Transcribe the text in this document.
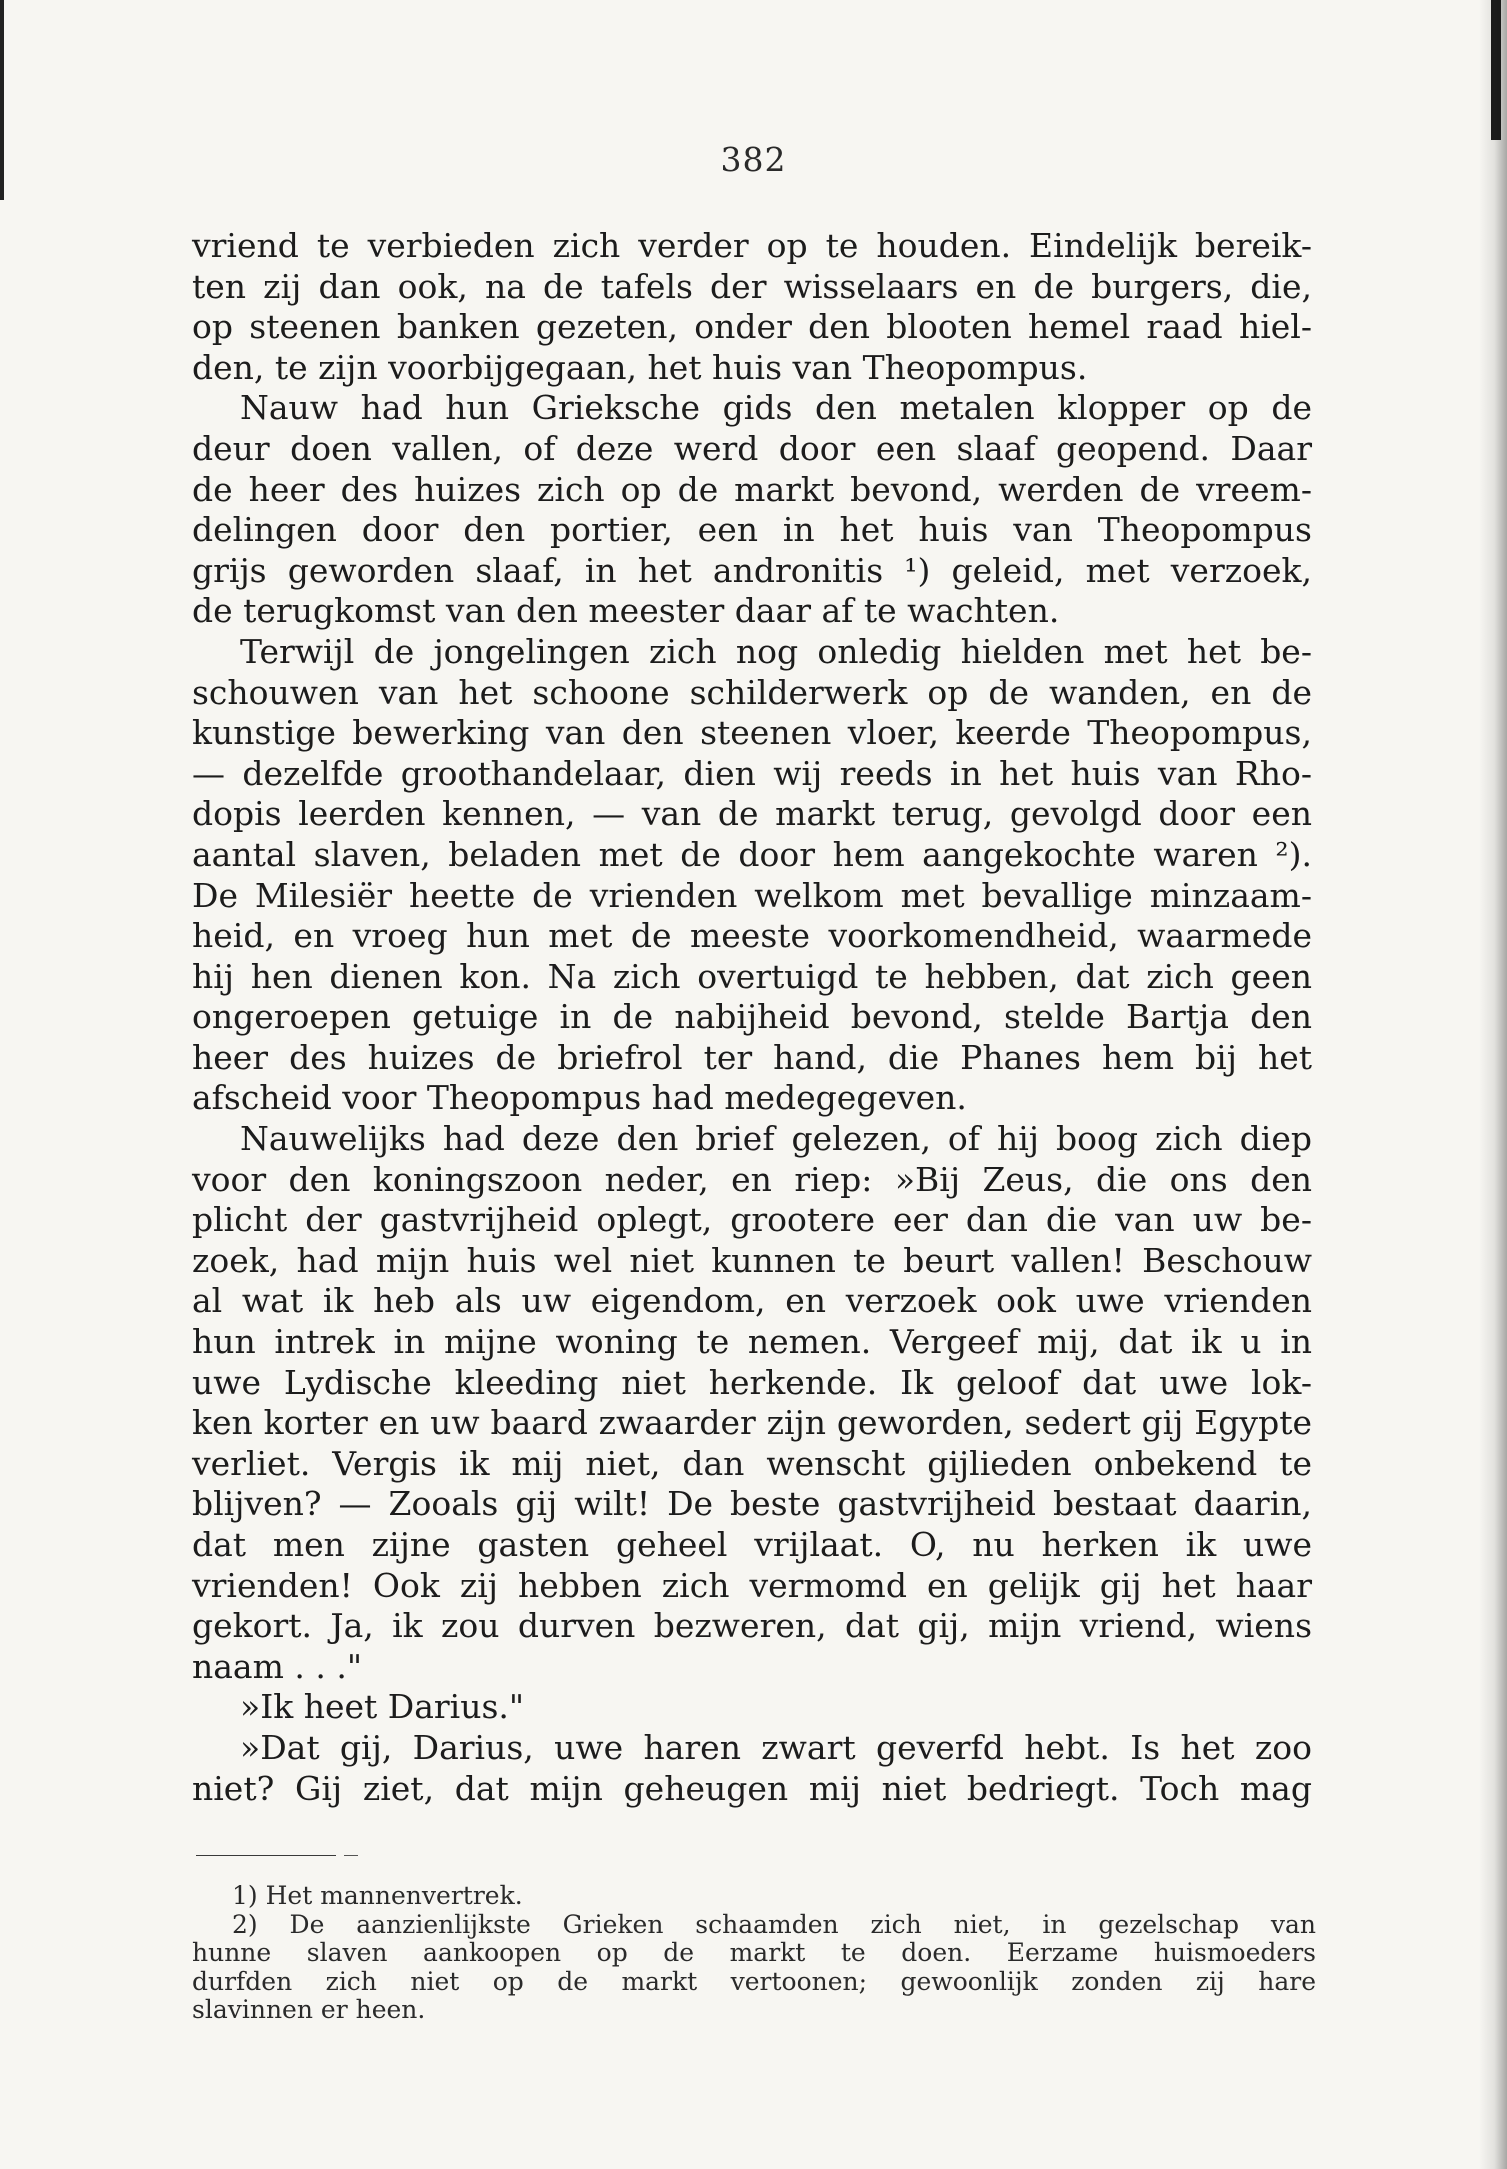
382
vriend te verbieden zich verder op te houden. Eindelijk bereik-
ten zij dan ook, na de tafels der wisselaars en de burgers, die,
op steenen banken gezeten, onder den blooten hemel raad hiel-
den, te zijn voorbijgegaan, het huis van Theopompus.
Nauw had hun Grieksche gids den metalen klopper op de
deur doen vallen, of deze werd door een slaaf geopend. Daar
de heer des huizes zich op de markt bevond, werden de vreem-
delingen door den portier, een in het huis van Theopompus
grijs geworden slaaf, in het andronitis ¹) geleid, met verzoek,
de terugkomst van den meester daar af te wachten.
Terwijl de jongelingen zich nog onledig hielden met het be-
schouwen van het schoone schilderwerk op de wanden, en de
kunstige bewerking van den steenen vloer, keerde Theopompus,
— dezelfde groothandelaar, dien wij reeds in het huis van Rho-
dopis leerden kennen, — van de markt terug, gevolgd door een
aantal slaven, beladen met de door hem aangekochte waren ²).
De Milesiër heette de vrienden welkom met bevallige minzaam-
heid, en vroeg hun met de meeste voorkomendheid, waarmede
hij hen dienen kon. Na zich overtuigd te hebben, dat zich geen
ongeroepen getuige in de nabijheid bevond, stelde Bartja den
heer des huizes de briefrol ter hand, die Phanes hem bij het
afscheid voor Theopompus had medegegeven.
Nauwelijks had deze den brief gelezen, of hij boog zich diep
voor den koningszoon neder, en riep: »Bij Zeus, die ons den
plicht der gastvrijheid oplegt, grootere eer dan die van uw be-
zoek, had mijn huis wel niet kunnen te beurt vallen! Beschouw
al wat ik heb als uw eigendom, en verzoek ook uwe vrienden
hun intrek in mijne woning te nemen. Vergeef mij, dat ik u in
uwe Lydische kleeding niet herkende. Ik geloof dat uwe lok-
ken korter en uw baard zwaarder zijn geworden, sedert gij Egypte
verliet. Vergis ik mij niet, dan wenscht gijlieden onbekend te
blijven? — Zooals gij wilt! De beste gastvrijheid bestaat daarin,
dat men zijne gasten geheel vrijlaat. O, nu herken ik uwe
vrienden! Ook zij hebben zich vermomd en gelijk gij het haar
gekort. Ja, ik zou durven bezweren, dat gij, mijn vriend, wiens
naam . . ."
»Ik heet Darius."
»Dat gij, Darius, uwe haren zwart geverfd hebt. Is het zoo
niet? Gij ziet, dat mijn geheugen mij niet bedriegt. Toch mag
1) Het mannenvertrek.
2) De aanzienlijkste Grieken schaamden zich niet, in gezelschap van
hunne slaven aankoopen op de markt te doen. Eerzame huismoeders
durfden zich niet op de markt vertoonen; gewoonlijk zonden zij hare
slavinnen er heen.
